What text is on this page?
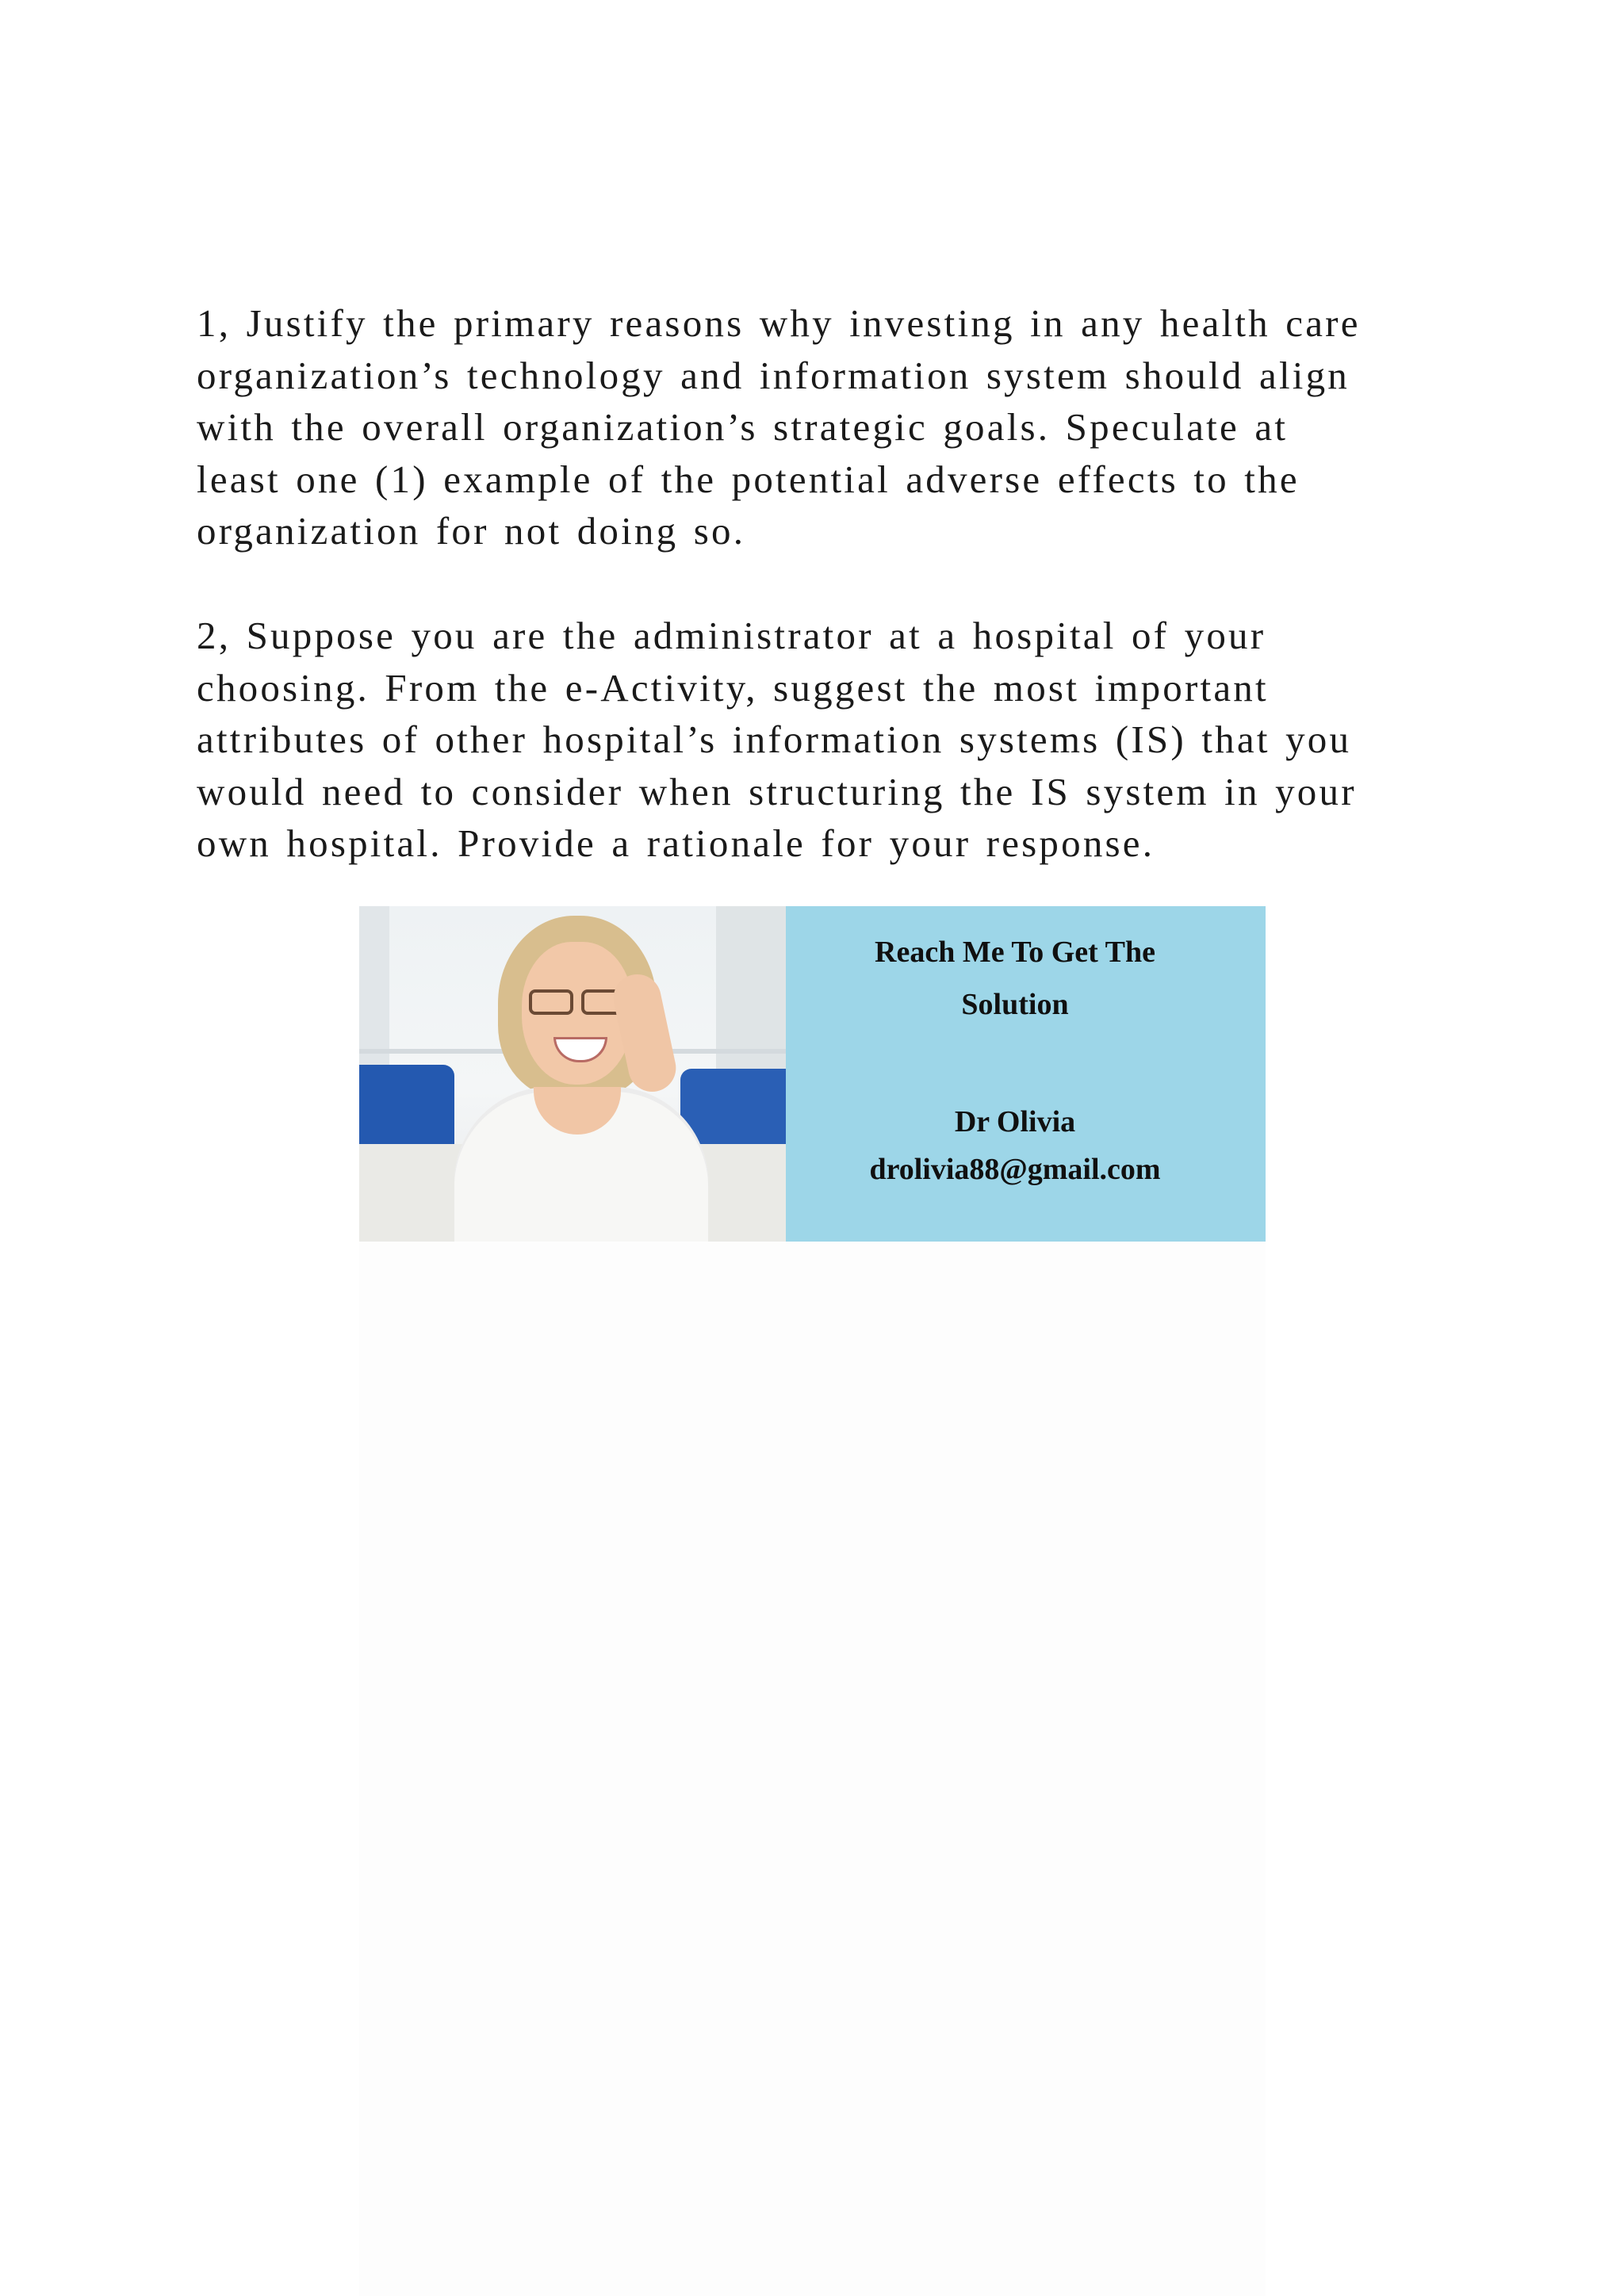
1, Justify the primary reasons why investing in any health care
organization’s technology and information system should align
with the overall organization’s strategic goals. Speculate at
least one (1) example of the potential adverse effects to the
organization for not doing so.
2, Suppose you are the administrator at a hospital of your
choosing. From the e-Activity, suggest the most important
attributes of other hospital’s information systems (IS) that you
would need to consider when structuring the IS system in your
own hospital. Provide a rationale for your response.
Reach Me To Get The
Solution
Dr Olivia
drolivia88@gmail.com
